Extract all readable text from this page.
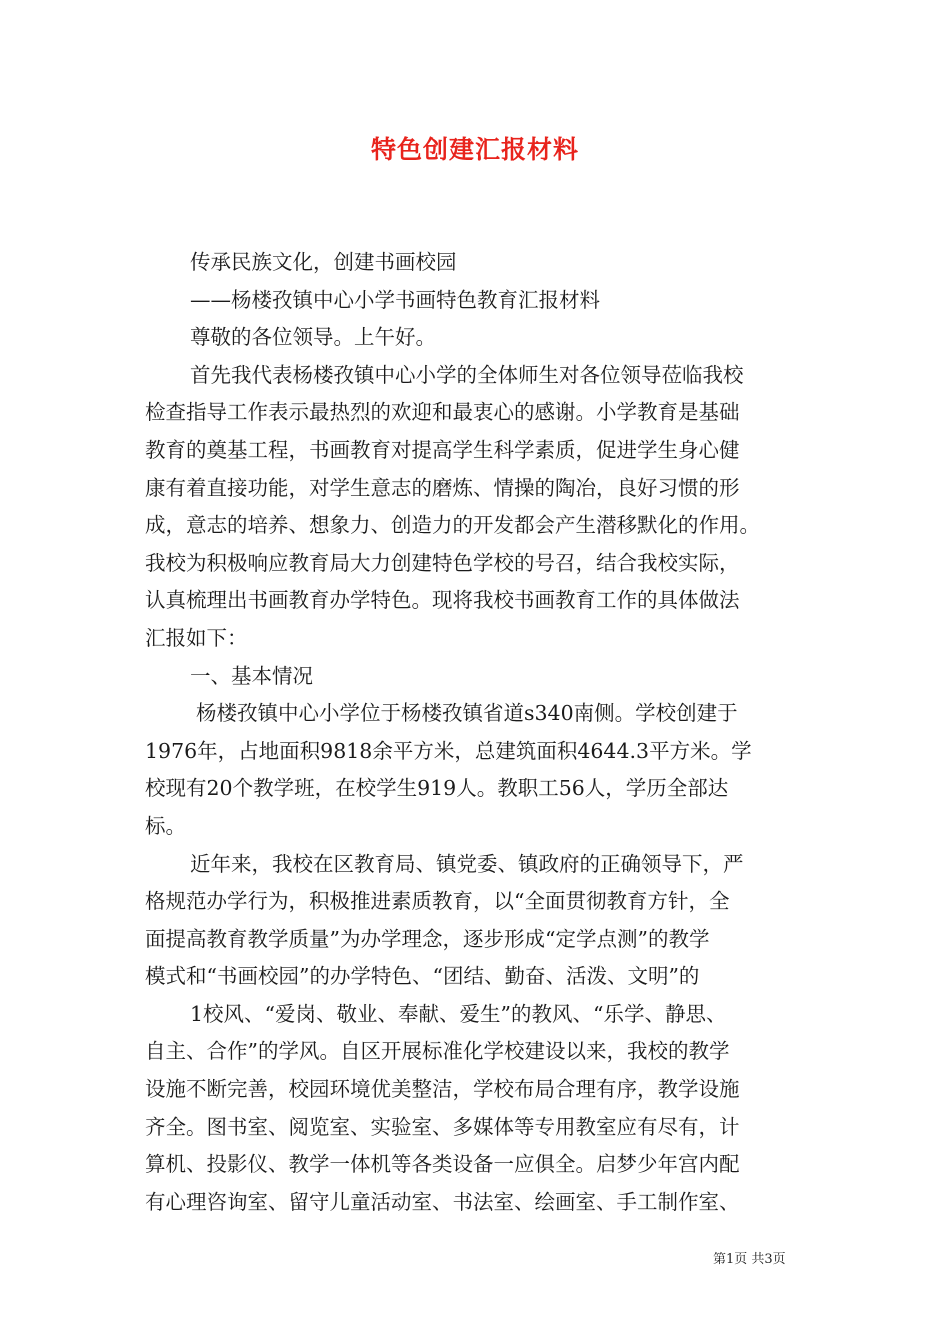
特色创建汇报材料
传承民族文化，创建书画校园
——杨楼孜镇中心小学书画特色教育汇报材料
尊敬的各位领导。上午好。
首先我代表杨楼孜镇中心小学的全体师生对各位领导莅临我校
检查指导工作表示最热烈的欢迎和最衷心的感谢。小学教育是基础
教育的奠基工程，书画教育对提高学生科学素质，促进学生身心健
康有着直接功能，对学生意志的磨炼、情操的陶冶，良好习惯的形
成，意志的培养、想象力、创造力的开发都会产生潜移默化的作用。
我校为积极响应教育局大力创建特色学校的号召，结合我校实际，
认真梳理出书画教育办学特色。现将我校书画教育工作的具体做法
汇报如下：
一、基本情况
杨楼孜镇中心小学位于杨楼孜镇省道s340南侧。学校创建于
1976年，占地面积9818余平方米，总建筑面积4644.3平方米。学
校现有20个教学班，在校学生919人。教职工56人，学历全部达
标。
近年来，我校在区教育局、镇党委、镇政府的正确领导下，严
格规范办学行为，积极推进素质教育，以“全面贯彻教育方针，全
面提高教育教学质量”为办学理念，逐步形成“定学点测”的教学
模式和“书画校园”的办学特色、“团结、勤奋、活泼、文明”的
1校风、“爱岗、敬业、奉献、爱生”的教风、“乐学、静思、
自主、合作”的学风。自区开展标准化学校建设以来，我校的教学
设施不断完善，校园环境优美整洁，学校布局合理有序，教学设施
齐全。图书室、阅览室、实验室、多媒体等专用教室应有尽有，计
算机、投影仪、教学一体机等各类设备一应俱全。启梦少年宫内配
有心理咨询室、留守儿童活动室、书法室、绘画室、手工制作室、
第1页 共3页
